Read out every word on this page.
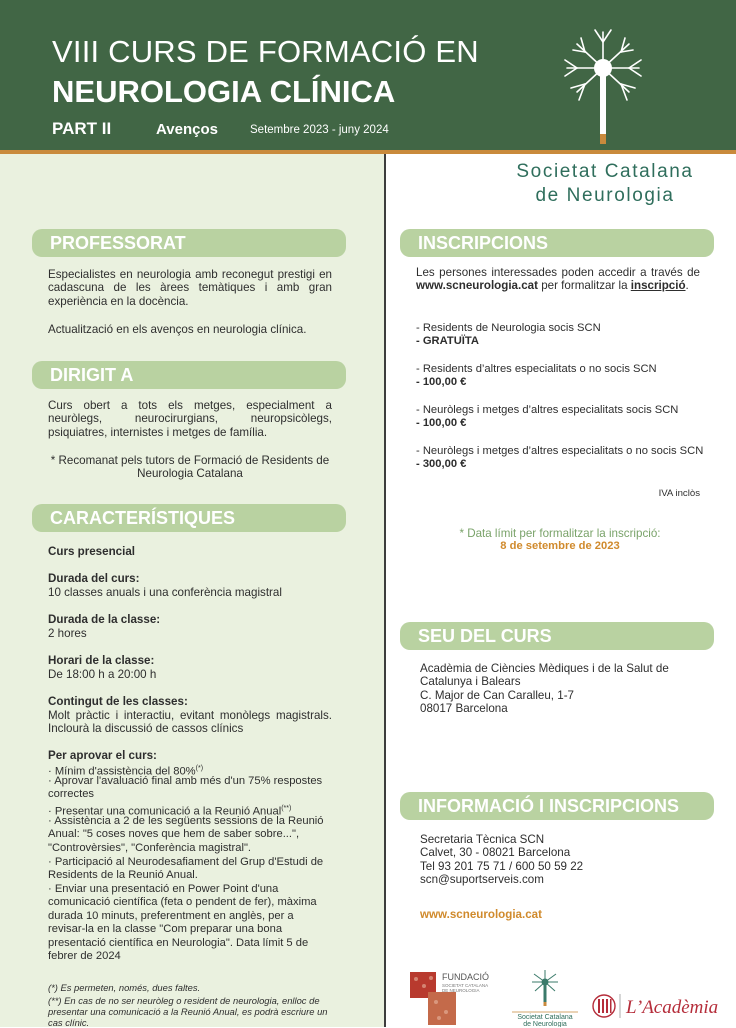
VIII CURS DE FORMACIÓ EN
NEUROLOGIA CLÍNICA
PART II	Avenços	Setembre 2023 - juny 2024
Societat Catalana
de Neurologia
PROFESSORAT
Especialistes en neurologia amb reconegut prestigi en cadascuna de les àrees temàtiques i amb gran experiència en la docència.
Actualització en els avenços en neurologia clínica.
DIRIGIT A
Curs obert a tots els metges, especialment a neuròlegs, neurocirurgians, neuropsicòlegs, psiquiatres, internistes i metges de família.
* Recomanat pels tutors de Formació de Residents de Neurologia Catalana
CARACTERÍSTIQUES
Curs presencial
Durada del curs:
10 classes anuals i una conferència magistral
Durada de la classe:
2 hores
Horari de la classe:
De 18:00 h a 20:00 h
Contingut de les classes:
Molt pràctic i interactiu, evitant monòlegs magistrals. Inclourà la discussió de cassos clínics
Per aprovar el curs:
· Mínim d'assistència del 80%(*)
· Aprovar l'avaluació final amb més d'un 75% respostes correctes
· Presentar una comunicació a la Reunió Anual(**)
· Assistència a 2 de les següents sessions de la Reunió Anual: "5 coses noves que hem de saber sobre...", "Controvèrsies", "Conferència magistral".
· Participació al Neurodesafiament del Grup d'Estudi de Residents de la Reunió Anual.
· Enviar una presentació en Power Point d'una comunicació científica (feta o pendent de fer), màxima durada 10 minuts, preferentment en anglès, per a revisar-la en la classe "Com preparar una bona presentació científica en Neurologia". Data límit 5 de febrer de 2024
(*) Es permeten, només, dues faltes.
(**) En cas de no ser neuròleg o resident de neurologia, enlloc de presentar una comunicació a la Reunió Anual, es podrà escriure un cas clínic.
INSCRIPCIONS
Les persones interessades poden accedir a través de www.scneurologia.cat per formalitzar la inscripció.
- Residents de Neurologia socis SCN
- GRATUÏTA
- Residents d’altres especialitats o no socis SCN
- 100,00 €
- Neuròlegs i metges d’altres especialitats socis SCN
- 100,00 €
- Neuròlegs i metges d’altres especialitats o no socis SCN
- 300,00 €
IVA inclòs
* Data límit per formalitzar la inscripció:
8 de setembre de 2023
SEU DEL CURS
Acadèmia de Ciències Mèdiques i de la Salut de
Catalunya i Balears
C. Major de Can Caralleu, 1-7
08017 Barcelona
INFORMACIÓ I INSCRIPCIONS
Secretaria Tècnica SCN
Calvet, 30 - 08021 Barcelona
Tel 93 201 75 71 / 600 50 59 22
scn@suportserveis.com
www.scneurologia.cat
FUNDACIÓ
SOCIETAT CATALANA
DE NEUROLOGIA
Societat Catalana
de Neurologia
L’Acadèmia
